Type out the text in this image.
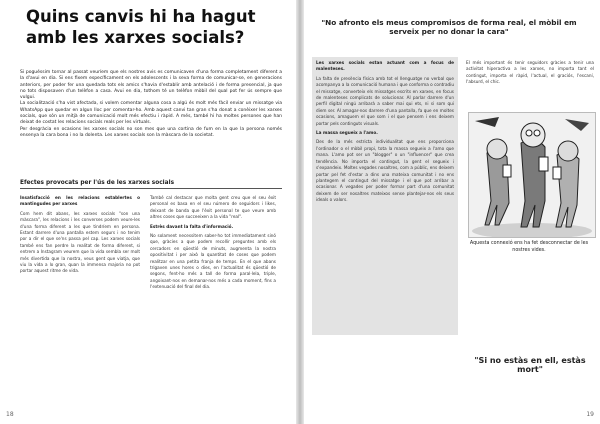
Quins canvis hi ha hagut amb les xarxes socials?

Si poguéssim tornar al passat veuríem que els nostres avis es comunicaven d'una forma completament diferent a la d'avui en dia. Si ens fixem específicament en els adolescents i la seva forma de comunicar-se, en generacions anteriors, per poder fer una quedada tots els amics s'havia d'establir amb antelació i de forma presencial, ja que no tots disposaven d'un telèfon a casa. Avui en dia, tothom té un telèfon mòbil del qual pot fer ús sempre que vulgui.

La socialització s'ha vist afectada, si volem comentar alguna cosa a algú és molt més fàcil enviar un missatge via WhatsApp que quedar en algun lloc per comentar-ho. Amb aquest canvi tan gran s'ha donat a conèixer les xarxes socials, que són un mitjà de comunicació molt més efectiu i ràpid. A més, també hi ha moltes persones que han deixat de costat les relacions socials reals per les virtuals.

Per desgràcia en ocasions les xarxes socials no son mes que una cortina de fum en la que la persona només ensenya la cara bona i no la dolenta. Les xarxes socials son la màscara de la societat.

Efectes provocats per l'ús de les xarxes socials

Insatisfacció en les relacions establertes o mantingudes per xarxes

Com hem dit abans, les xarxes socials "son una màscara", les relacions i les converses podem veure-les d'una forma diferent a les que tindríem en persona. Estant darrere d'una pantalla estem segurs i no tenim por a dir el que se'ns passa pel cap. Les xarxes socials també ens fan perdre la realitat de forma diferent, si entrem a Instagram veurem que la vida sembla ser molt més divertida que la nostra, veus gent que viatja, que viu la vida a lo gran, quan la immensa majoria no pot portar aquest ritme de vida.

També cal destacar que molta gent creu que el seu èxit personal es basa en el seu número de seguidors i likes, deixant de banda que l'èxit personal te que veure amb altres coses que succeeixen a la vida "real".

Estrès davant la falta d'informació.

No solament necessitem saber-ho tot immediatament sinó que, gràcies a que podem recollir preguntes amb els cercadors en qüestió de minuts, augmenta la nostra opositivitat i per això la quantitat de coses que podem realitzar en una petita franja de temps. En el que abans trigaven unes hores o dies, en l'actualitat és qüestió de segons, fent-ho més a tall de forma paral·lela, triple, angoixant-nos en demanar-nos més a cada moment, fins a l'extenuació del final del dia.

18
"No afronto els meus compromisos de forma real, el mòbil em serveix per no donar la cara"

Les xarxes socials estan actuant com a focus de malenteses.

La falta de presència física amb tot el llenguatge no verbal que acompanya a la comunicació humana i que conforma o contradiu el missatge, converteix els missatges escrits en xarxes, en focus de malenteses complicats de solucionar. Al parlar darrere d'un perfil digital ningú arribarà a saber mai qui ets, ni si som qui diem ser. Al amagar-nos darrere d'una pantalla, fa que en moltes ocasions, amaguem el que som i el que pensem i ens deixem portar pels continguts visuals.

La massa segueix a l'amo.

Des de la més estricta individualitat que ens proporciona l'ordinador o el mòbil propi, tota la massa segueix a l'amo que mana. L'amo pot ser un "blogger" o un "influencer" que crea tendència. No importa el contingut, la gent el segueix i s'expandeix. Moltes vegades nosaltres, com a públic, ens deixem portar pel fet d'estar a dins una mateixa comunitat i no ens plantegem el contingut del missatge i el que pot arribar a ocasionar. A vegades per poder formar part d'una comunitat deixem de ser nosaltres mateixos sense plantejar-nos els seus ideals o valors.

El més important és tenir seguidors gràcies a tenir una activitat hiperactiva a les xarxes, no importa tant el contingut, importa el ràpid, l'actual, el graciós, l'escaní, l'absurd, el chic.

Aquesta connexió ens ha fet desconnectar de les nostres vides.
"Si no estàs en ell, estàs mort"
19
